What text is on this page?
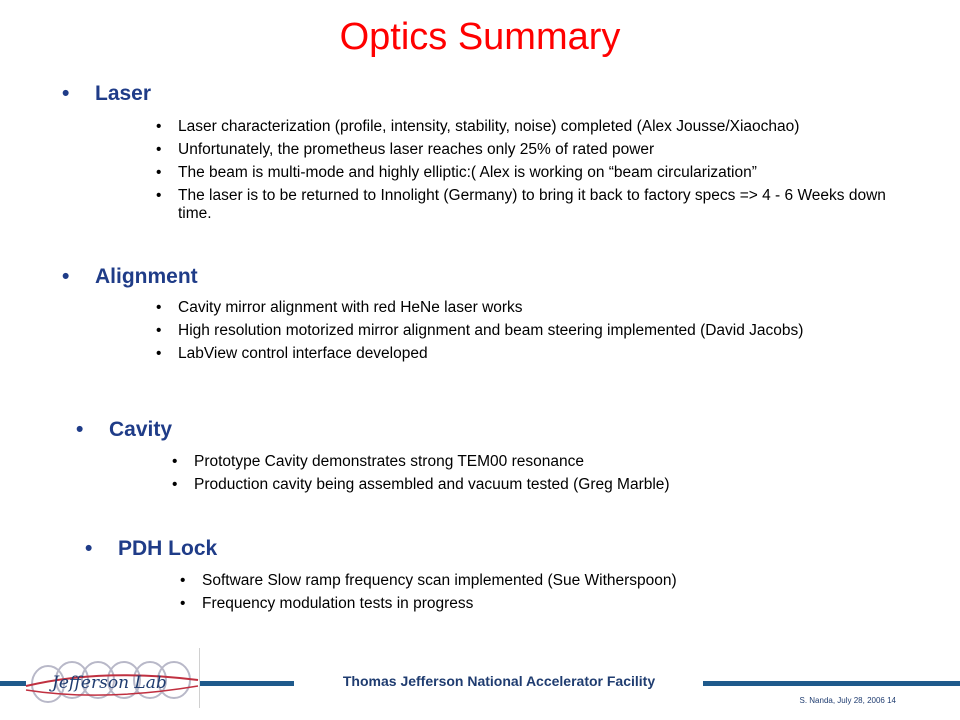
Optics Summary
• Laser
• Laser characterization (profile, intensity, stability, noise) completed (Alex Jousse/Xiaochao)
• Unfortunately, the prometheus laser reaches only 25% of rated power
• The beam is multi-mode and highly elliptic:( Alex is working on “beam circularization”
• The laser is to be returned to Innolight (Germany) to bring it back to factory specs => 4 - 6 Weeks down time.
• Alignment
• Cavity mirror alignment with red HeNe laser works
• High resolution motorized mirror alignment and beam steering implemented (David Jacobs)
• LabView control interface developed
• Cavity
• Prototype Cavity demonstrates strong TEM00 resonance
• Production cavity being assembled and vacuum tested (Greg Marble)
• PDH Lock
• Software Slow ramp frequency scan implemented (Sue Witherspoon)
• Frequency modulation tests in progress
Jefferson Lab	Thomas Jefferson National Accelerator Facility
S. Nanda, July 28, 2006 14
